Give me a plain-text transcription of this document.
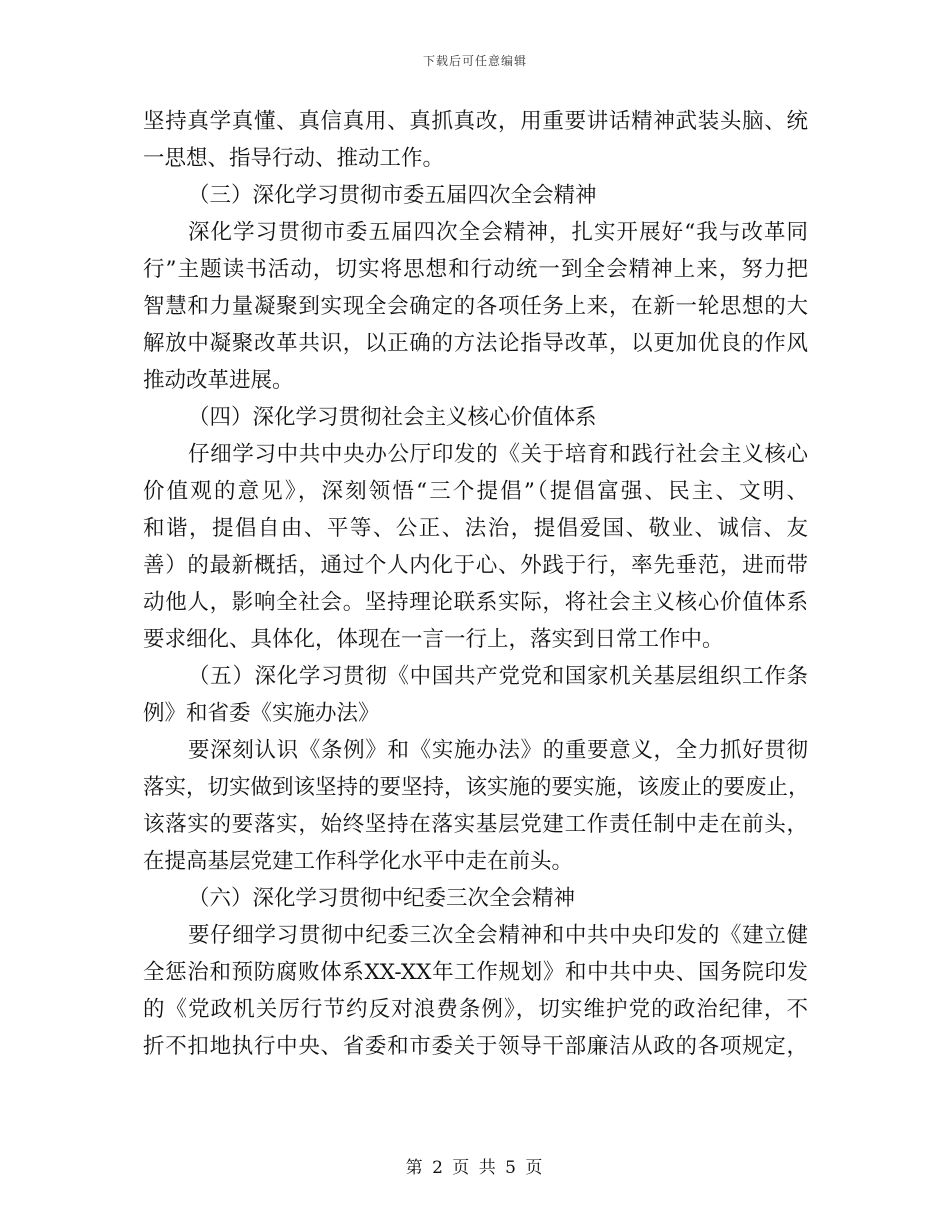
下载后可任意编辑
坚持真学真懂、真信真用、真抓真改，用重要讲话精神武装头脑、统
一思想、指导行动、推动工作。
（三）深化学习贯彻市委五届四次全会精神
深化学习贯彻市委五届四次全会精神，扎实开展好“我与改革同
行”主题读书活动，切实将思想和行动统一到全会精神上来，努力把
智慧和力量凝聚到实现全会确定的各项任务上来，在新一轮思想的大
解放中凝聚改革共识，以正确的方法论指导改革，以更加优良的作风
推动改革进展。
（四）深化学习贯彻社会主义核心价值体系
仔细学习中共中央办公厅印发的《关于培育和践行社会主义核心
价值观的意见》，深刻领悟“三个提倡”（提倡富强、民主、文明、
和谐，提倡自由、平等、公正、法治，提倡爱国、敬业、诚信、友
善）的最新概括，通过个人内化于心、外践于行，率先垂范，进而带
动他人，影响全社会。坚持理论联系实际，将社会主义核心价值体系
要求细化、具体化，体现在一言一行上，落实到日常工作中。
（五）深化学习贯彻《中国共产党党和国家机关基层组织工作条
例》和省委《实施办法》
要深刻认识《条例》和《实施办法》的重要意义，全力抓好贯彻
落实，切实做到该坚持的要坚持，该实施的要实施，该废止的要废止，
该落实的要落实，始终坚持在落实基层党建工作责任制中走在前头，
在提高基层党建工作科学化水平中走在前头。
（六）深化学习贯彻中纪委三次全会精神
要仔细学习贯彻中纪委三次全会精神和中共中央印发的《建立健
全惩治和预防腐败体系XX-XX年工作规划》和中共中央、国务院印发
的《党政机关厉行节约反对浪费条例》，切实维护党的政治纪律，不
折不扣地执行中央、省委和市委关于领导干部廉洁从政的各项规定，
第 2 页 共 5 页
